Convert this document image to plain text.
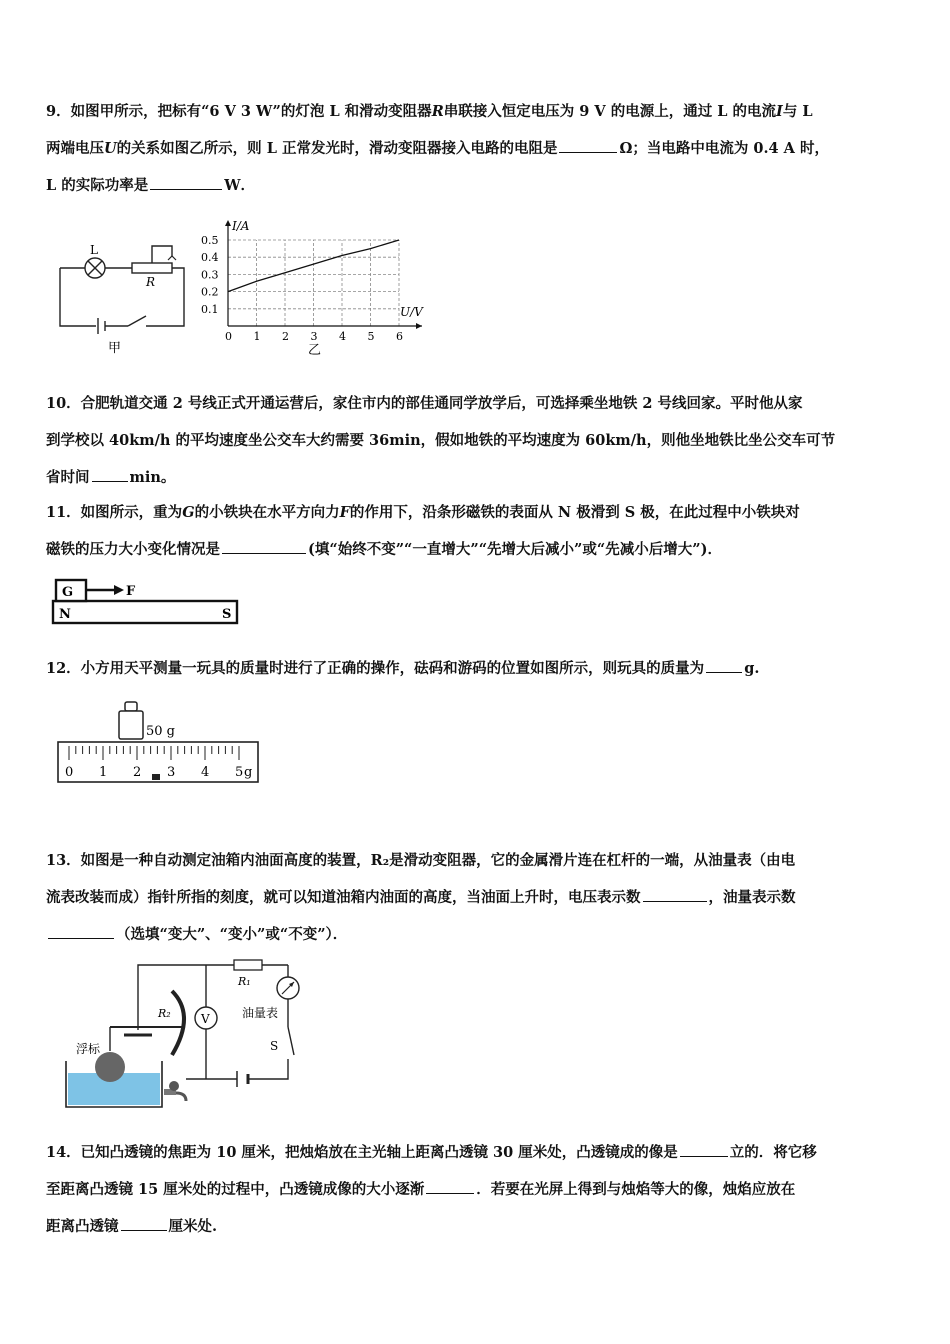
9．如图甲所示，把标有“6 V 3 W”的灯泡 L 和滑动变阻器R串联接入恒定电压为 9 V 的电源上，通过 L 的电流I与 L
两端电压U的关系如图乙所示，则 L 正常发光时，滑动变阻器接入电路的电阻是	Ω；当电路中电流为 0.4 A 时，
L 的实际功率是	W．
L
R
甲
0.5
0.4
0.3
0.2
0.1
0 1 2 3 4 5 6
I/A
U/V
乙
10．合肥轨道交通 2 号线正式开通运营后，家住市内的部佳通同学放学后，可选择乘坐地铁 2 号线回家。平时他从家
到学校以 40km/h 的平均速度坐公交车大约需要 36min，假如地铁的平均速度为 60km/h，则他坐地铁比坐公交车可节
省时间	min。
11．如图所示，重为G的小铁块在水平方向力F的作用下，沿条形磁铁的表面从 N 极滑到 S 极，在此过程中小铁块对
磁铁的压力大小变化情况是	(填“始终不变”“一直增大”“先增大后减小”或“先减小后增大”)．
G	F
N	S
12．小方用天平测量一玩具的质量时进行了正确的操作，砝码和游码的位置如图所示，则玩具的质量为	g.
50 g
0 1 2 3 4 5 g
13．如图是一种自动测定油箱内油面高度的装置，R₂是滑动变阻器，它的金属滑片连在杠杆的一端，从油量表（由电
流表改装而成）指针所指的刻度，就可以知道油箱内油面的高度，当油面上升时，电压表示数	，油量表示数
（选填“变大”、“变小”或“不变”）．
V
R₁
R₂	油量表
S
浮标
14．已知凸透镜的焦距为 10 厘米，把烛焰放在主光轴上距离凸透镜 30 厘米处，凸透镜成的像是	立的．将它移
至距离凸透镜 15 厘米处的过程中，凸透镜成像的大小逐渐	．若要在光屏上得到与烛焰等大的像，烛焰应放在
距离凸透镜	厘米处.
